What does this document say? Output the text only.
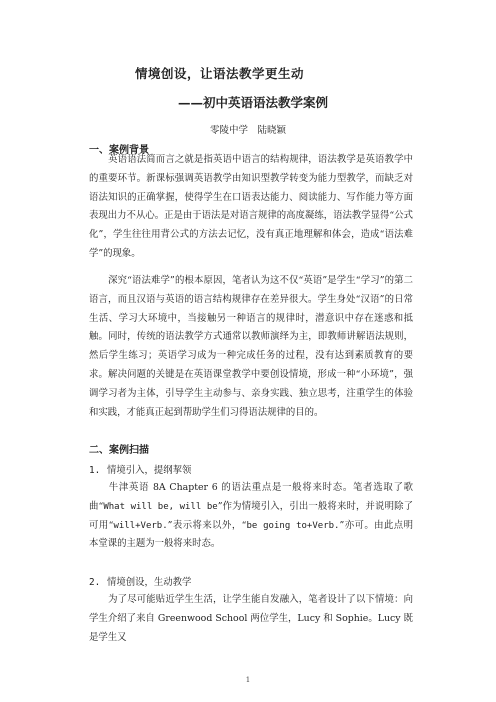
情境创设，让语法教学更生动
——初中英语语法教学案例
零陵中学　陆晓颖
一、案例背景

英语语法简而言之就是指英语中语言的结构规律，语法教学是英语教学中的重要环节。新课标强调英语教学由知识型教学转变为能力型教学，而缺乏对语法知识的正确掌握，使得学生在口语表达能力、阅读能力、写作能力等方面表现出力不从心。正是由于语法是对语言规律的高度凝练，语法教学显得“公式化”，学生往往用背公式的方法去记忆，没有真正地理解和体会，造成“语法难学”的现象。

深究“语法难学”的根本原因，笔者认为这不仅“英语”是学生“学习”的第二语言，而且汉语与英语的语言结构规律存在差异很大。学生身处“汉语”的日常生活、学习大环境中，当接触另一种语言的规律时，潜意识中存在迷惑和抵触。同时，传统的语法教学方式通常以教师演绎为主，即教师讲解语法规则，然后学生练习；英语学习成为一种完成任务的过程，没有达到素质教育的要求。解决问题的关键是在英语课堂教学中要创设情境，形成一种“小环境”，强调学习者为主体，引导学生主动参与、亲身实践、独立思考，注重学生的体验和实践，才能真正起到帮助学生们习得语法规律的目的。

二、案例扫描
1. 情境引入，提纲挈领

牛津英语 8A Chapter 6 的语法重点是一般将来时态。笔者选取了歌曲“What will be, will be”作为情境引入，引出一般将来时，并说明除了可用“will+Verb.”表示将来以外，“be going to+Verb.”亦可。由此点明本堂课的主题为一般将来时态。

2. 情境创设，生动教学

为了尽可能贴近学生生活，让学生能自发融入，笔者设计了以下情境：向学生介绍了来自 Greenwood School 两位学生，Lucy 和 Sophie。Lucy 既是学生又

1
